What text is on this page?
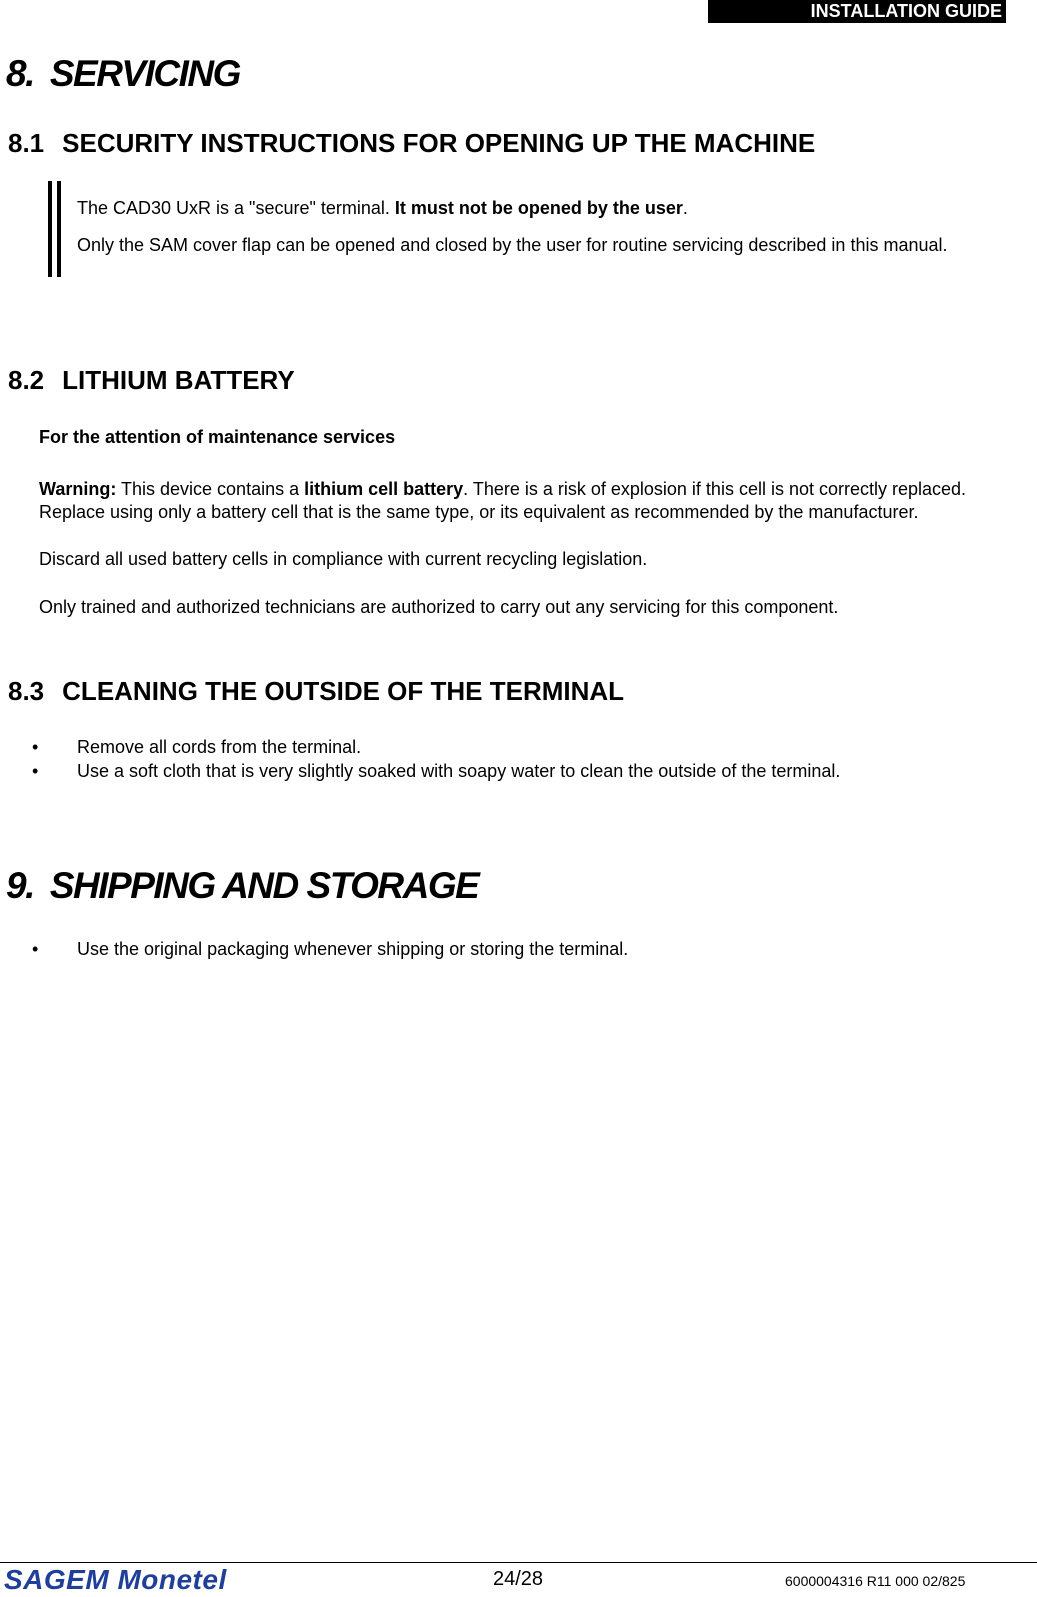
INSTALLATION GUIDE
8. SERVICING
8.1 SECURITY INSTRUCTIONS FOR OPENING UP THE MACHINE
The CAD30 UxR is a "secure" terminal. It must not be opened by the user.
Only the SAM cover flap can be opened and closed by the user for routine servicing described in this manual.
8.2 LITHIUM BATTERY
For the attention of maintenance services
Warning: This device contains a lithium cell battery. There is a risk of explosion if this cell is not correctly replaced. Replace using only a battery cell that is the same type, or its equivalent as recommended by the manufacturer.
Discard all used battery cells in compliance with current recycling legislation.
Only trained and authorized technicians are authorized to carry out any servicing for this component.
8.3 CLEANING THE OUTSIDE OF THE TERMINAL
• Remove all cords from the terminal.
• Use a soft cloth that is very slightly soaked with soapy water to clean the outside of the terminal.
9. SHIPPING AND STORAGE
• Use the original packaging whenever shipping or storing the terminal.
SAGEM Monetel	24/28	6000004316 R11 000 02/825
